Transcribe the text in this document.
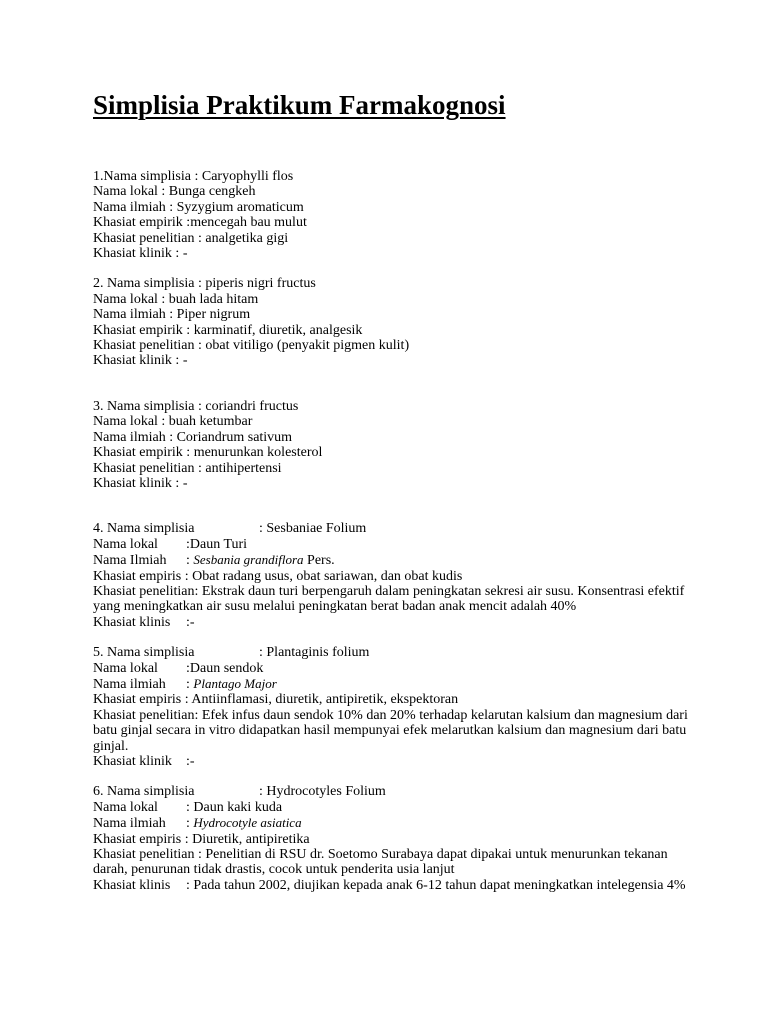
Simplisia Praktikum Farmakognosi
1.Nama simplisia : Caryophylli flos
Nama lokal : Bunga cengkeh
Nama ilmiah : Syzygium aromaticum
Khasiat empirik :mencegah bau mulut
Khasiat penelitian : analgetika gigi
Khasiat klinik : -
2. Nama simplisia : piperis nigri fructus
Nama lokal : buah lada hitam
Nama ilmiah : Piper nigrum
Khasiat empirik : karminatif, diuretik, analgesik
Khasiat penelitian : obat vitiligo (penyakit pigmen kulit)
Khasiat klinik : -
3. Nama simplisia : coriandri fructus
Nama lokal : buah ketumbar
Nama ilmiah : Coriandrum sativum
Khasiat empirik : menurunkan kolesterol
Khasiat penelitian : antihipertensi
Khasiat klinik : -
4. Nama simplisia	: Sesbaniae Folium
Nama lokal :Daun Turi
Nama Ilmiah : Sesbania grandiflora Pers.
Khasiat empiris : Obat radang usus, obat sariawan, dan obat kudis
Khasiat penelitian: Ekstrak daun turi berpengaruh dalam peningkatan sekresi air susu. Konsentrasi efektif yang meningkatkan air susu melalui peningkatan berat badan anak mencit adalah 40%
Khasiat klinis :-
5. Nama simplisia	: Plantaginis folium
Nama lokal :Daun sendok
Nama ilmiah : Plantago Major
Khasiat empiris : Antiinflamasi, diuretik, antipiretik, ekspektoran
Khasiat penelitian: Efek infus daun sendok 10% dan 20% terhadap kelarutan kalsium dan magnesium dari batu ginjal secara in vitro didapatkan hasil mempunyai efek melarutkan kalsium dan magnesium dari batu ginjal.
Khasiat klinik :-
6. Nama simplisia	: Hydrocotyles Folium
Nama lokal : Daun kaki kuda
Nama ilmiah : Hydrocotyle asiatica
Khasiat empiris : Diuretik, antipiretika
Khasiat penelitian : Penelitian di RSU dr. Soetomo Surabaya dapat dipakai untuk menurunkan tekanan darah, penurunan tidak drastis, cocok untuk penderita usia lanjut
Khasiat klinis : Pada tahun 2002, diujikan kepada anak 6-12 tahun dapat meningkatkan intelegensia 4%
